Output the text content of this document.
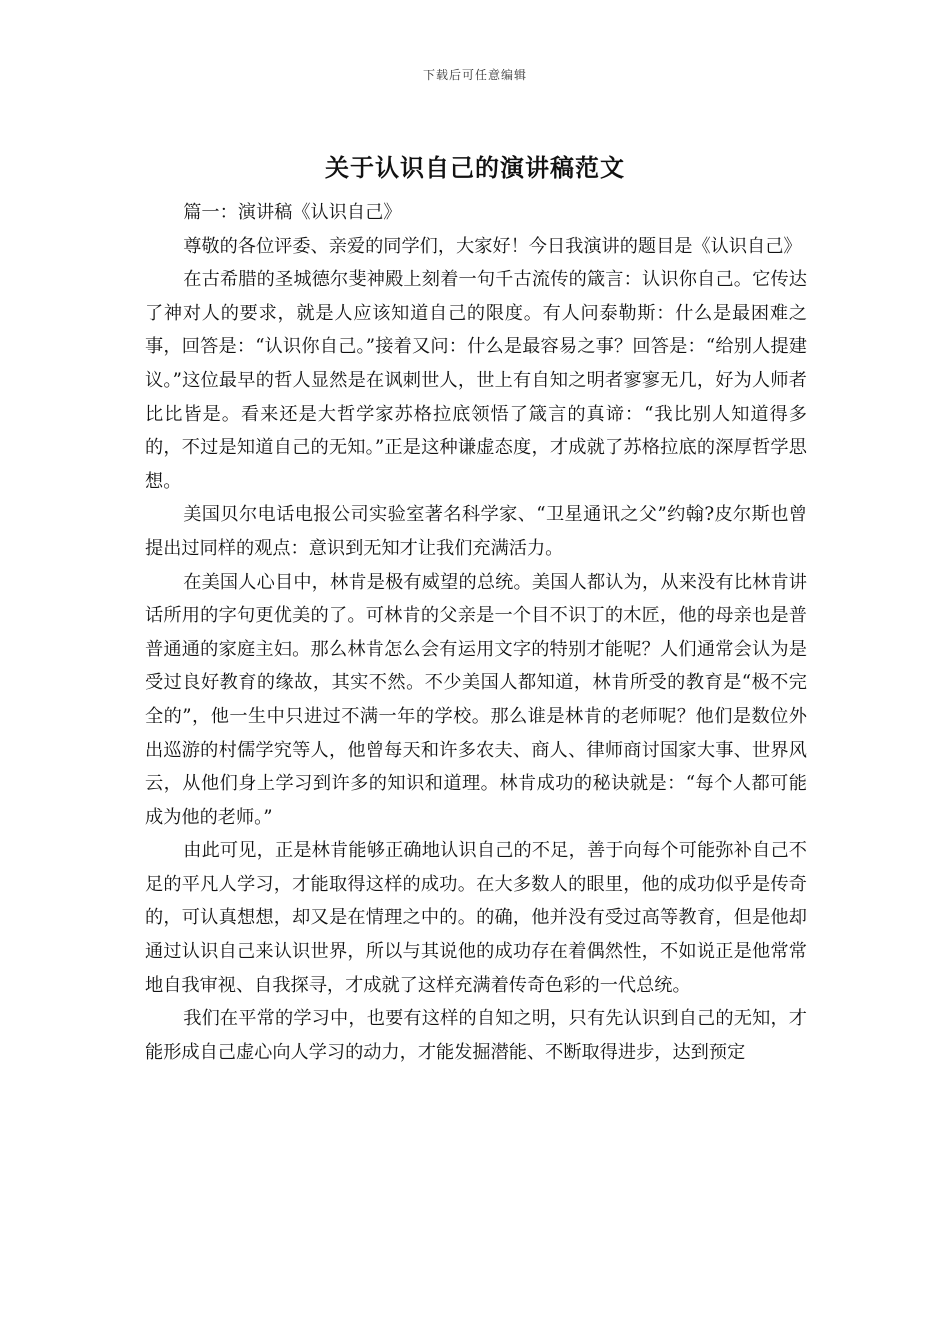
下载后可任意编辑
关于认识自己的演讲稿范文

篇一：演讲稿《认识自己》

尊敬的各位评委、亲爱的同学们，大家好！今日我演讲的题目是《认识自己》

在古希腊的圣城德尔斐神殿上刻着一句千古流传的箴言：认识你自己。它传达了神对人的要求，就是人应该知道自己的限度。有人问泰勒斯：什么是最困难之事，回答是：“认识你自己。”接着又问：什么是最容易之事？回答是：“给别人提建议。”这位最早的哲人显然是在讽刺世人，世上有自知之明者寥寥无几，好为人师者比比皆是。看来还是大哲学家苏格拉底领悟了箴言的真谛：“我比别人知道得多的，不过是知道自己的无知。”正是这种谦虚态度，才成就了苏格拉底的深厚哲学思想。

美国贝尔电话电报公司实验室著名科学家、“卫星通讯之父”约翰?皮尔斯也曾提出过同样的观点：意识到无知才让我们充满活力。

在美国人心目中，林肯是极有威望的总统。美国人都认为，从来没有比林肯讲话所用的字句更优美的了。可林肯的父亲是一个目不识丁的木匠，他的母亲也是普普通通的家庭主妇。那么林肯怎么会有运用文字的特别才能呢？人们通常会认为是受过良好教育的缘故，其实不然。不少美国人都知道，林肯所受的教育是“极不完全的”，他一生中只进过不满一年的学校。那么谁是林肯的老师呢？他们是数位外出巡游的村儒学究等人，他曾每天和许多农夫、商人、律师商讨国家大事、世界风云，从他们身上学习到许多的知识和道理。林肯成功的秘诀就是：“每个人都可能成为他的老师。”

由此可见，正是林肯能够正确地认识自己的不足，善于向每个可能弥补自己不足的平凡人学习，才能取得这样的成功。在大多数人的眼里，他的成功似乎是传奇的，可认真想想，却又是在情理之中的。的确，他并没有受过高等教育，但是他却通过认识自己来认识世界，所以与其说他的成功存在着偶然性，不如说正是他常常地自我审视、自我探寻，才成就了这样充满着传奇色彩的一代总统。

我们在平常的学习中，也要有这样的自知之明，只有先认识到自己的无知，才能形成自己虚心向人学习的动力，才能发掘潜能、不断取得进步，达到预定
